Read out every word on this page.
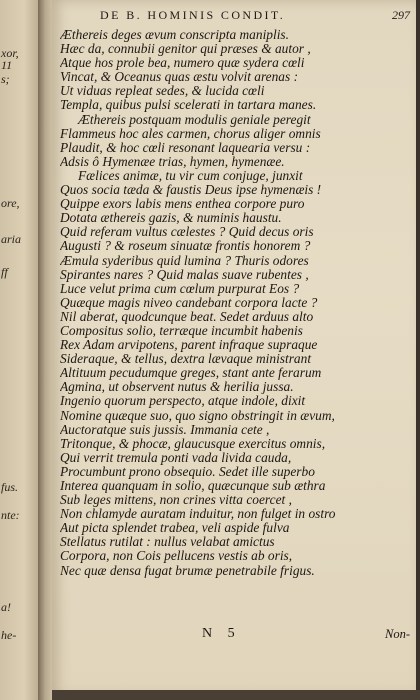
xor,
11
s;
ore,
aria
ff
fus.
nte:
a!
he-
DE B. HOMINIS CONDIT.	297
Æthereis deges ævum conscripta maniplis.
Hæc da, connubii genitor qui præses & autor ,
Atque hos prole bea, numero quæ sydera cœli
Vincat, & Oceanus quas æstu volvit arenas :
Ut viduas repleat sedes, & lucida cœli
Templa, quibus pulsi scelerati in tartara manes.
Æthereis postquam modulis geniale peregit
Flammeus hoc ales carmen, chorus aliger omnis
Plaudit, & hoc cœli resonant laquearia versu :
Adsis ô Hymenæe trias, hymen, hymenæe.
Fælices animæ, tu vir cum conjuge, junxit
Quos socia tæda & faustis Deus ipse hymenæis !
Quippe exors labis mens enthea corpore puro
Dotata æthereis gazis, & numinis haustu.
Quid referam vultus cælestes ? Quid decus oris
Augusti ? & roseum sinuatæ frontis honorem ?
Æmula syderibus quid lumina ? Thuris odores
Spirantes nares ? Quid malas suave rubentes ,
Luce velut prima cum cœlum purpurat Eos ?
Quæque magis niveo candebant corpora lacte ?
Nil aberat, quodcunque beat. Sedet arduus alto
Compositus solio, terræque incumbit habenis
Rex Adam arvipotens, parent infraque supraque
Sideraque, & tellus, dextra lævaque ministrant
Altituum pecudumque greges, stant ante ferarum
Agmina, ut observent nutus & herilia jussa.
Ingenio quorum perspecto, atque indole, dixit
Nomine quæque suo, quo signo obstringit in ævum,
Auctoratque suis jussis. Immania cete ,
Tritonque, & phocæ, glaucusque exercitus omnis,
Qui verrit tremula ponti vada livida cauda,
Procumbunt prono obsequio. Sedet ille superbo
Interea quanquam in solio, quæcunque sub æthra
Sub leges mittens, non crines vitta coercet ,
Non chlamyde auratam induitur, non fulget in ostro
Aut picta splendet trabea, veli aspide fulva
Stellatus rutilat : nullus velabat amictus
Corpora, non Cois pellucens vestis ab oris,
Nec quæ densa fugat brumæ penetrabile frigus.
N 5	Non-
